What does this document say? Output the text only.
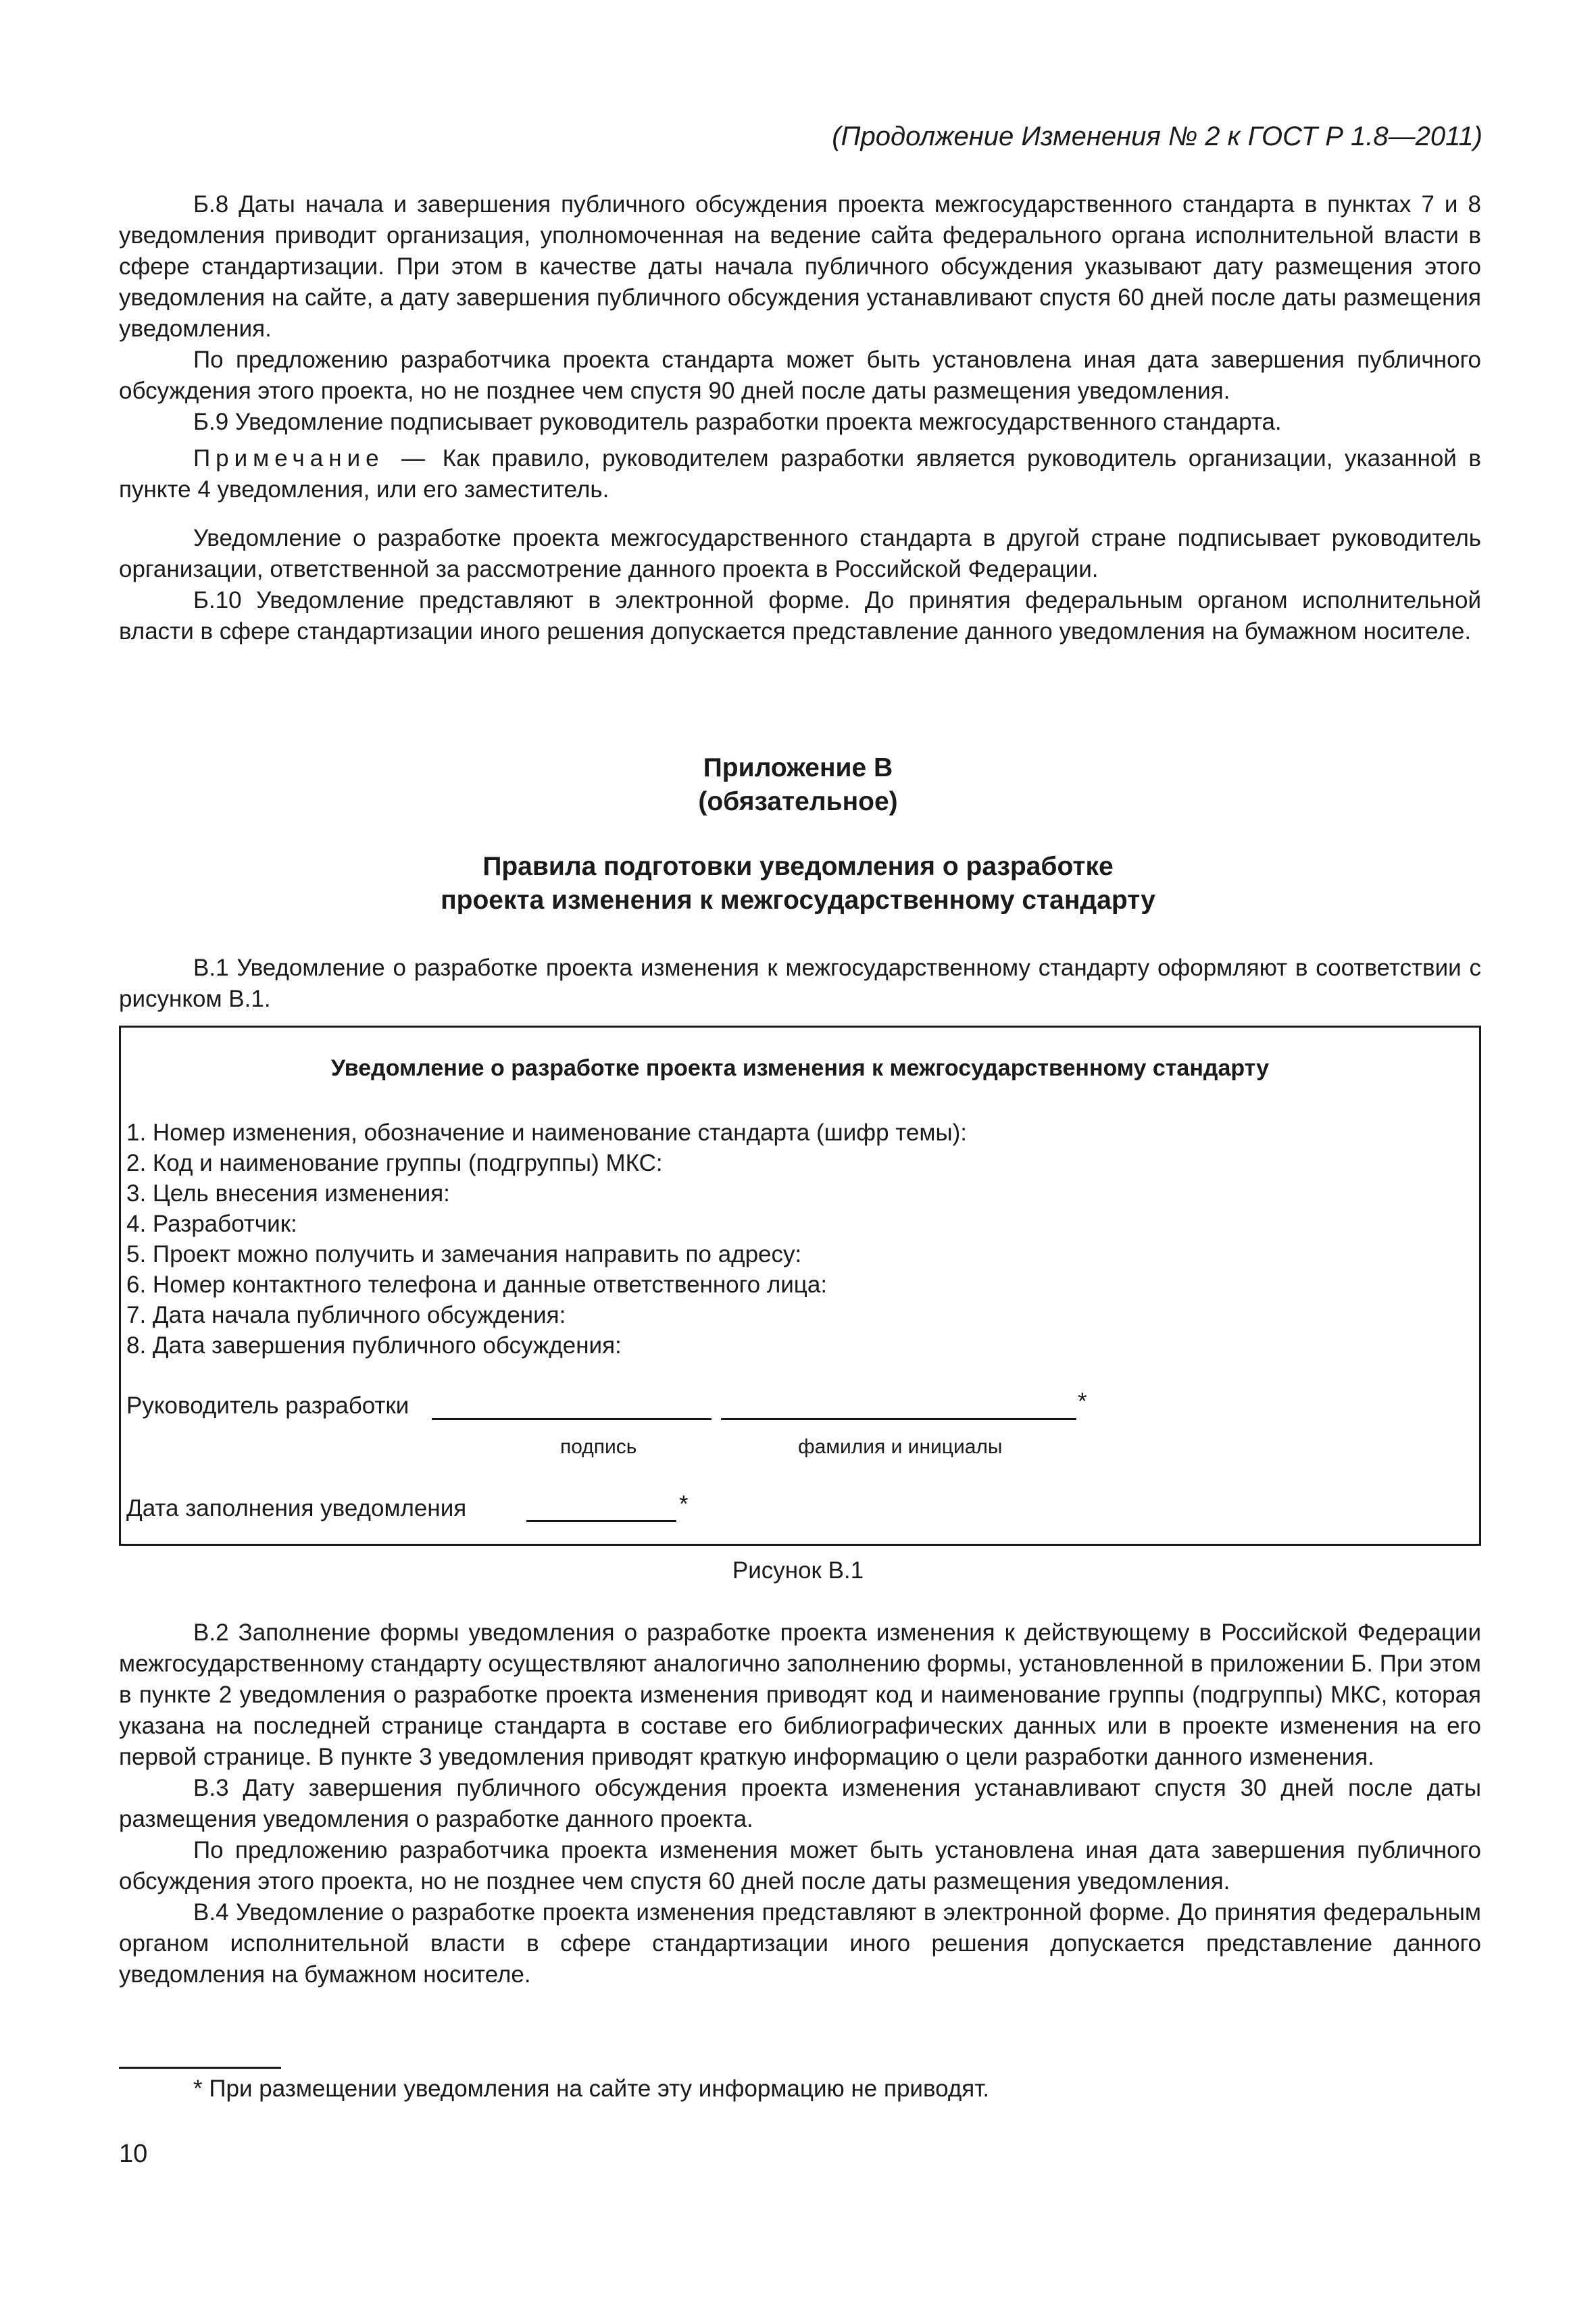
(Продолжение Изменения № 2 к ГОСТ Р 1.8—2011)

Б.8 Даты начала и завершения публичного обсуждения проекта межгосударственного стандарта в пунктах 7 и 8 уведомления приводит организация, уполномоченная на ведение сайта федерального органа исполнительной власти в сфере стандартизации. При этом в качестве даты начала публичного обсуждения указывают дату размещения этого уведомления на сайте, а дату завершения публичного обсуждения устанавливают спустя 60 дней после даты размещения уведомления.

По предложению разработчика проекта стандарта может быть установлена иная дата завершения публичного обсуждения этого проекта, но не позднее чем спустя 90 дней после даты размещения уведомления.

Б.9 Уведомление подписывает руководитель разработки проекта межгосударственного стандарта.

Примечание — Как правило, руководителем разработки является руководитель организации, указанной в пункте 4 уведомления, или его заместитель.

Уведомление о разработке проекта межгосударственного стандарта в другой стране подписывает руководитель организации, ответственной за рассмотрение данного проекта в Российской Федерации.

Б.10 Уведомление представляют в электронной форме. До принятия федеральным органом исполнительной власти в сфере стандартизации иного решения допускается представление данного уведомления на бумажном носителе.

Приложение В
(обязательное)
Правила подготовки уведомления о разработке
проекта изменения к межгосударственному стандарту

В.1 Уведомление о разработке проекта изменения к межгосударственному стандарту оформляют в соответствии с рисунком В.1.

Уведомление о разработке проекта изменения к межгосударственному стандарту
1. Номер изменения, обозначение и наименование стандарта (шифр темы):
2. Код и наименование группы (подгруппы) МКС:
3. Цель внесения изменения:
4. Разработчик:
5. Проект можно получить и замечания направить по адресу:
6. Номер контактного телефона и данные ответственного лица:
7. Дата начала публичного обсуждения:
8. Дата завершения публичного обсуждения:
Руководитель разработки	*
подпись	фамилия и инициалы
Дата заполнения уведомления	*
Рисунок В.1

В.2 Заполнение формы уведомления о разработке проекта изменения к действующему в Российской Федерации межгосударственному стандарту осуществляют аналогично заполнению формы, установленной в приложении Б. При этом в пункте 2 уведомления о разработке проекта изменения приводят код и наименование группы (подгруппы) МКС, которая указана на последней странице стандарта в составе его библиографических данных или в проекте изменения на его первой странице. В пункте 3 уведомления приводят краткую информацию о цели разработки данного изменения.

В.3 Дату завершения публичного обсуждения проекта изменения устанавливают спустя 30 дней после даты размещения уведомления о разработке данного проекта.

По предложению разработчика проекта изменения может быть установлена иная дата завершения публичного обсуждения этого проекта, но не позднее чем спустя 60 дней после даты размещения уведомления.

В.4 Уведомление о разработке проекта изменения представляют в электронной форме. До принятия федеральным органом исполнительной власти в сфере стандартизации иного решения допускается представление данного уведомления на бумажном носителе.

* При размещении уведомления на сайте эту информацию не приводят.
10
